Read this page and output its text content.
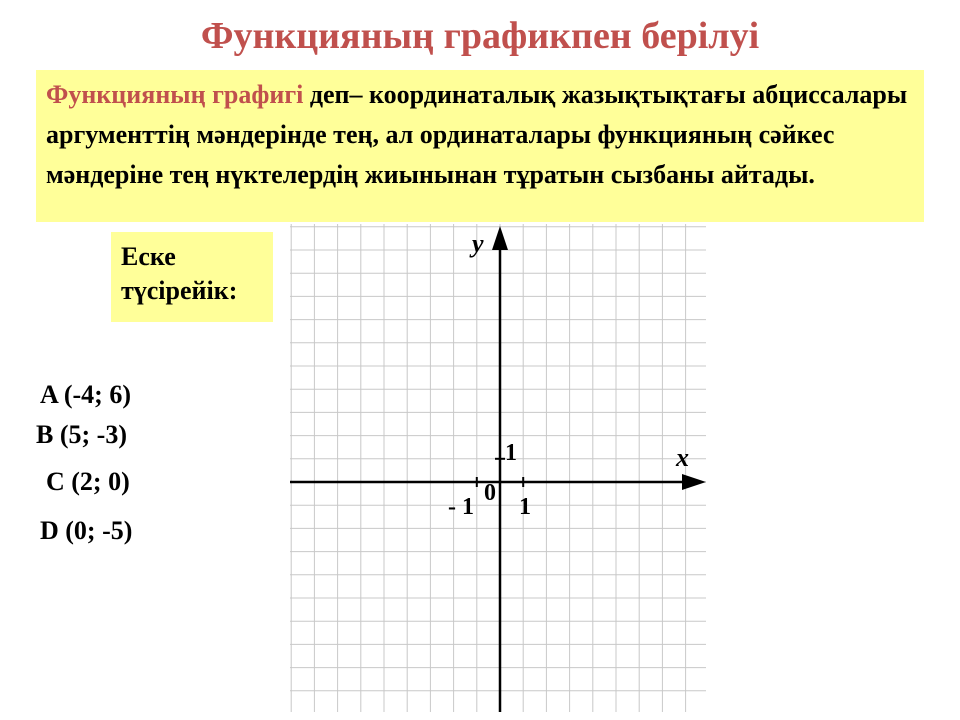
Функцияның графикпен берілуі
Функцияның графигі деп– координаталық жазықтықтағы абциссалары аргументтің мәндерінде тең, ал ординаталары функцияның сәйкес мәндеріне тең нүктелердің жиынынан тұратын сызбаны айтады.
Еске түсірейік:
A (-4; 6)
B (5; -3)
C (2; 0)
D (0; -5)
y
x
0
1
1
- 1
